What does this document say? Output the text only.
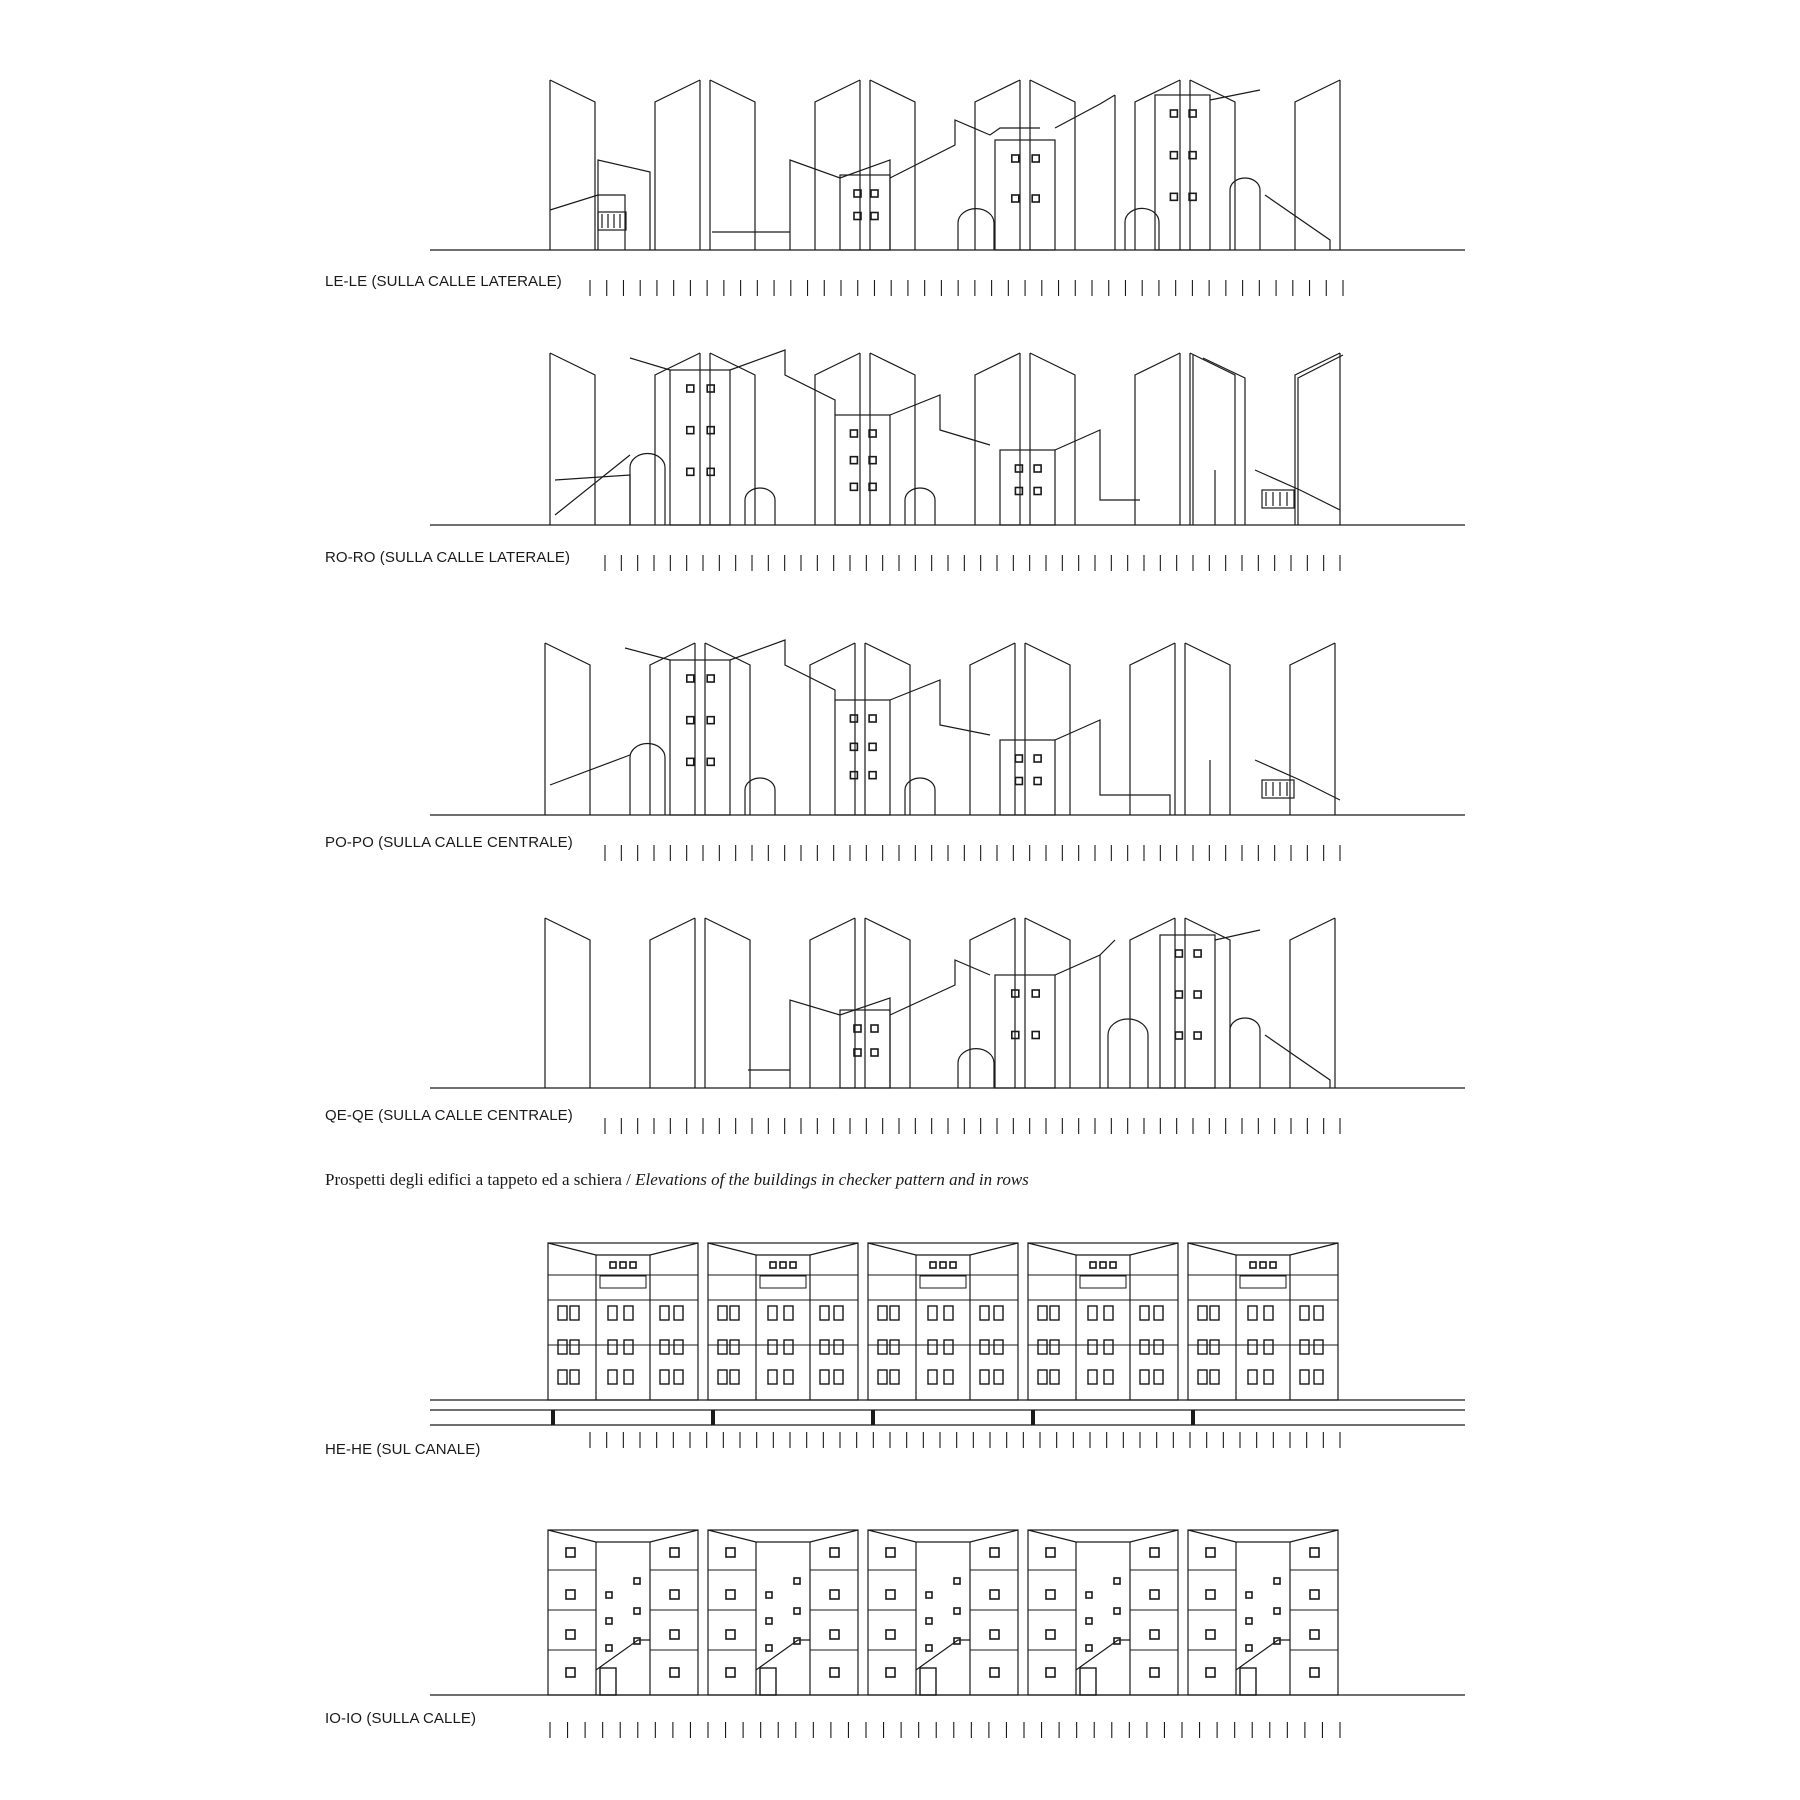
LE-LE (SULLA CALLE LATERALE)
RO-RO (SULLA CALLE LATERALE)
PO-PO (SULLA CALLE CENTRALE)
QE-QE (SULLA CALLE CENTRALE)
Prospetti degli edifici a tappeto ed a schiera / Elevations of the buildings in checker pattern and in rows
HE-HE (SUL CANALE)
IO-IO (SULLA CALLE)
